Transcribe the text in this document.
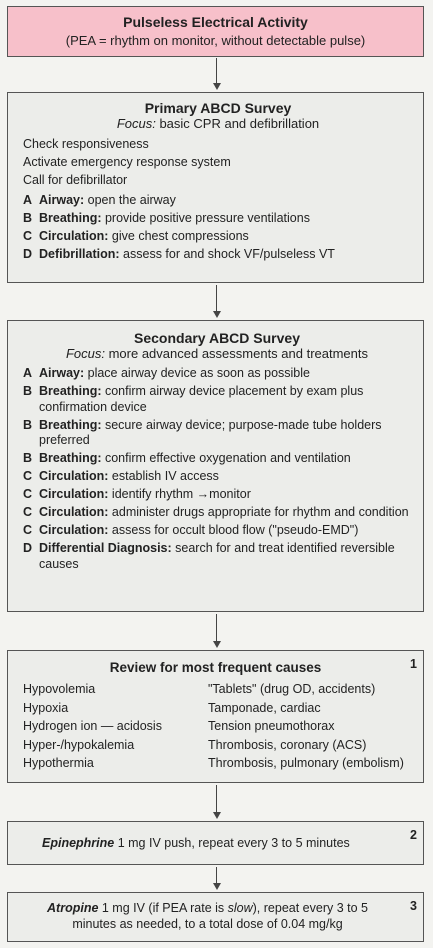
Pulseless Electrical Activity
(PEA = rhythm on monitor, without detectable pulse)
Primary ABCD Survey
Focus: basic CPR and defibrillation
Check responsiveness
Activate emergency response system
Call for defibrillator
A Airway: open the airway
B Breathing: provide positive pressure ventilations
C Circulation: give chest compressions
D Defibrillation: assess for and shock VF/pulseless VT
Secondary ABCD Survey
Focus: more advanced assessments and treatments
A Airway: place airway device as soon as possible
B Breathing: confirm airway device placement by exam plus confirmation device
B Breathing: secure airway device; purpose-made tube holders preferred
B Breathing: confirm effective oxygenation and ventilation
C Circulation: establish IV access
C Circulation: identify rhythm →monitor
C Circulation: administer drugs appropriate for rhythm and condition
C Circulation: assess for occult blood flow ("pseudo-EMD")
D Differential Diagnosis: search for and treat identified reversible causes
1
Review for most frequent causes
Hypovolemia
Hypoxia
Hydrogen ion — acidosis
Hyper-/hypokalemia
Hypothermia
"Tablets" (drug OD, accidents)
Tamponade, cardiac
Tension pneumothorax
Thrombosis, coronary (ACS)
Thrombosis, pulmonary (embolism)
2
Epinephrine 1 mg IV push, repeat every 3 to 5 minutes
3
Atropine 1 mg IV (if PEA rate is slow), repeat every 3 to 5 minutes as needed, to a total dose of 0.04 mg/kg
